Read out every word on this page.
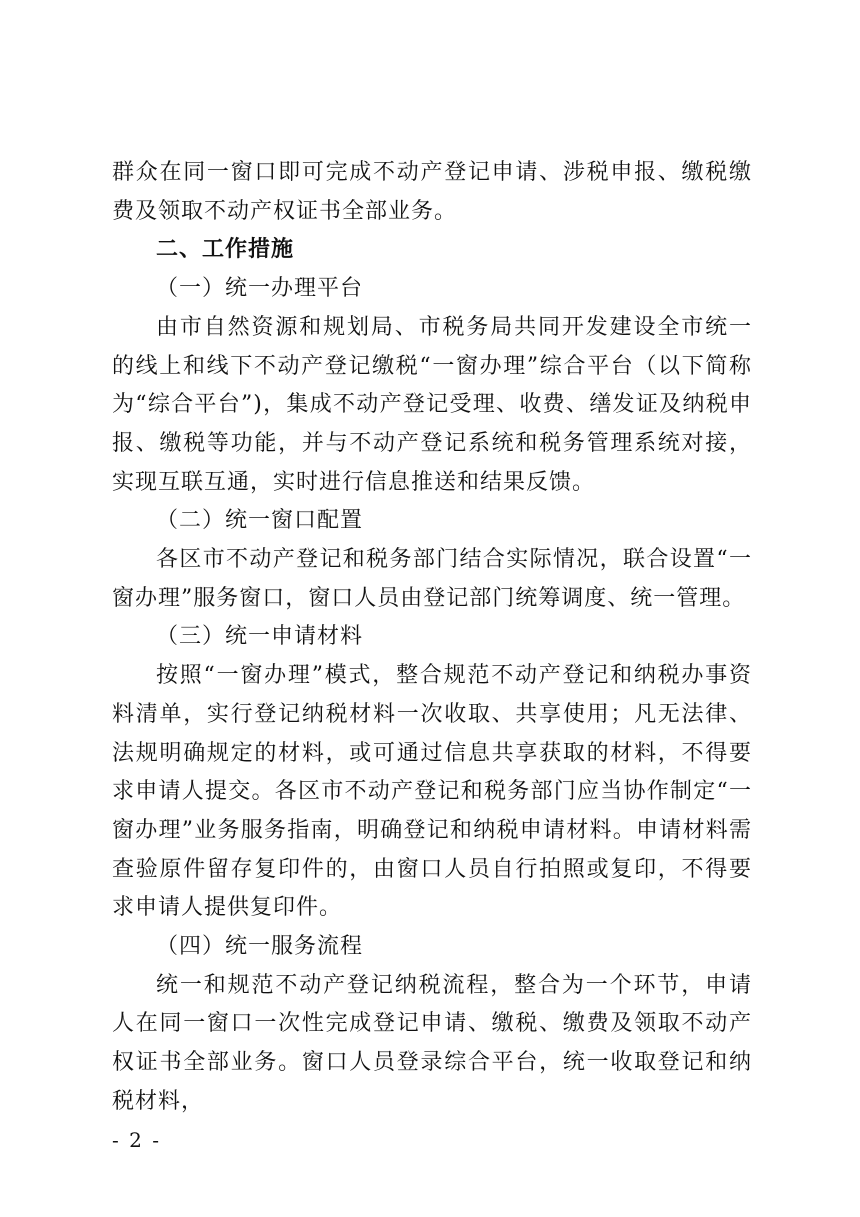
群众在同一窗口即可完成不动产登记申请、涉税申报、缴税缴费及领取不动产权证书全部业务。

二、工作措施

（一）统一办理平台

由市自然资源和规划局、市税务局共同开发建设全市统一的线上和线下不动产登记缴税“一窗办理”综合平台（以下简称为“综合平台”)，集成不动产登记受理、收费、缮发证及纳税申报、缴税等功能，并与不动产登记系统和税务管理系统对接，实现互联互通，实时进行信息推送和结果反馈。

（二）统一窗口配置

各区市不动产登记和税务部门结合实际情况，联合设置“一窗办理”服务窗口，窗口人员由登记部门统筹调度、统一管理。

（三）统一申请材料

按照“一窗办理”模式，整合规范不动产登记和纳税办事资料清单，实行登记纳税材料一次收取、共享使用；凡无法律、法规明确规定的材料，或可通过信息共享获取的材料，不得要求申请人提交。各区市不动产登记和税务部门应当协作制定“一窗办理”业务服务指南，明确登记和纳税申请材料。申请材料需查验原件留存复印件的，由窗口人员自行拍照或复印，不得要求申请人提供复印件。

（四）统一服务流程

统一和规范不动产登记纳税流程，整合为一个环节，申请人在同一窗口一次性完成登记申请、缴税、缴费及领取不动产权证书全部业务。窗口人员登录综合平台，统一收取登记和纳税材料，

- 2 -
